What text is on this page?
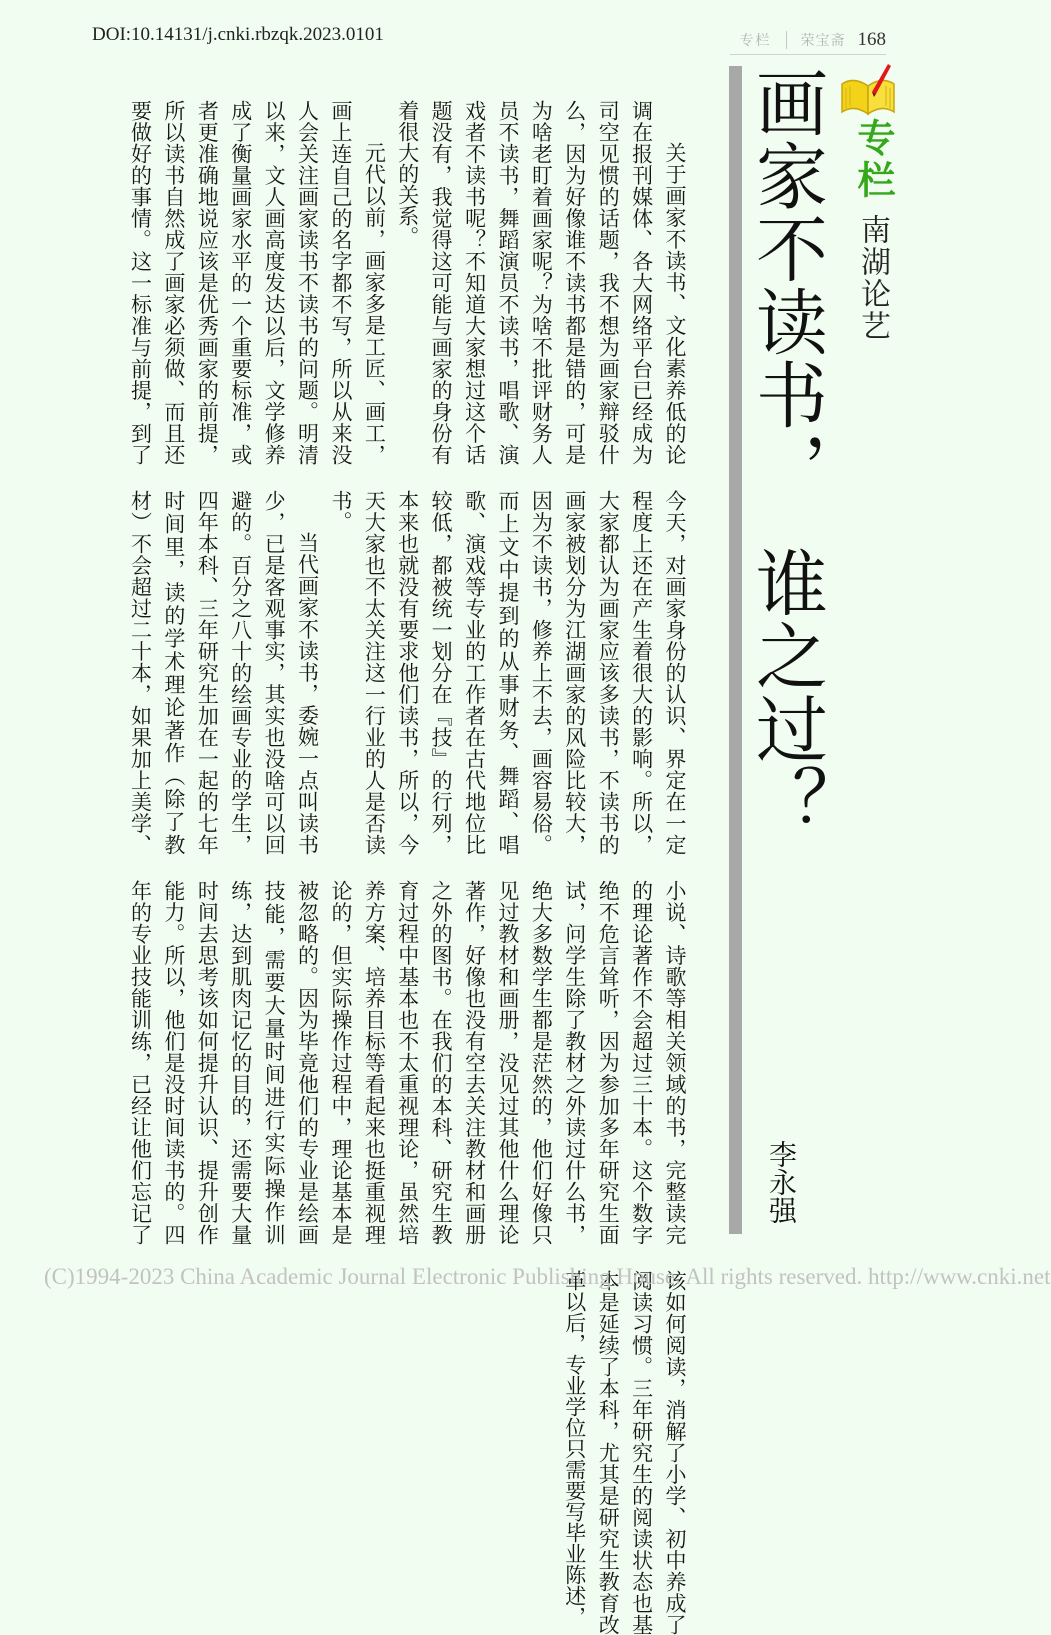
DOI:10.14131/j.cnki.rbzqk.2023.0101	专栏 荣宝斋 168
专栏
南湖论艺
画家不读书，谁之过？
李永强

关于画家不读书、文化素养低的论调在报刊媒体、各大网络平台已经成为司空见惯的话题，我不想为画家辩驳什么，因为好像谁不读书都是错的，可是为啥老盯着画家呢？为啥不批评财务人员不读书，舞蹈演员不读书，唱歌、演戏者不读书呢？不知道大家想过这个话题没有，我觉得这可能与画家的身份有着很大的关系。

元代以前，画家多是工匠、画工，画上连自己的名字都不写，所以从来没人会关注画家读书不读书的问题。明清以来，文人画高度发达以后，文学修养成了衡量画家水平的一个重要标准，或者更准确地说应该是优秀画家的前提，所以读书自然成了画家必须做、而且还要做好的事情。这一标准与前提，到了今天，对画家身份的认识、界定在一定程度上还在产生着很大的影响。所以，大家都认为画家应该多读书，不读书的画家被划分为江湖画家的风险比较大，因为不读书，修养上不去，画容易俗。而上文中提到的从事财务、舞蹈、唱歌、演戏等专业的工作者在古代地位比较低，都被统一划分在『技』的行列，本来也就没有要求他们读书，所以，今天大家也不太关注这一行业的人是否读书。

当代画家不读书，委婉一点叫读书少，已是客观事实，其实也没啥可以回避的。百分之八十的绘画专业的学生，四年本科、三年研究生加在一起的七年时间里，读的学术理论著作（除了教材）不会超过二十本，如果加上美学、小说、诗歌等相关领域的书，完整读完的理论著作不会超过三十本。这个数字绝不危言耸听，因为参加多年研究生面试，问学生除了教材之外读过什么书，绝大多数学生都是茫然的，他们好像只见过教材和画册，没见过其他什么理论著作，好像也没有空去关注教材和画册之外的图书。在我们的本科、研究生教育过程中基本也不太重视理论，虽然培养方案、培养目标等看起来也挺重视理论的，但实际操作过程中，理论基本是被忽略的。因为毕竟他们的专业是绘画技能，需要大量时间进行实际操作训练，达到肌肉记忆的目的，还需要大量时间去思考该如何提升认识、提升创作能力。所以，他们是没时间读书的。四年的专业技能训练，已经让他们忘记了该如何阅读，消解了小学、初中养成了阅读习惯。三年研究生的阅读状态也基本是延续了本科，尤其是研究生教育改革以后，专业学位只需要写毕业陈述，

(C)1994-2023 China Academic Journal Electronic Publishing House. All rights reserved. http://www.cnki.net
